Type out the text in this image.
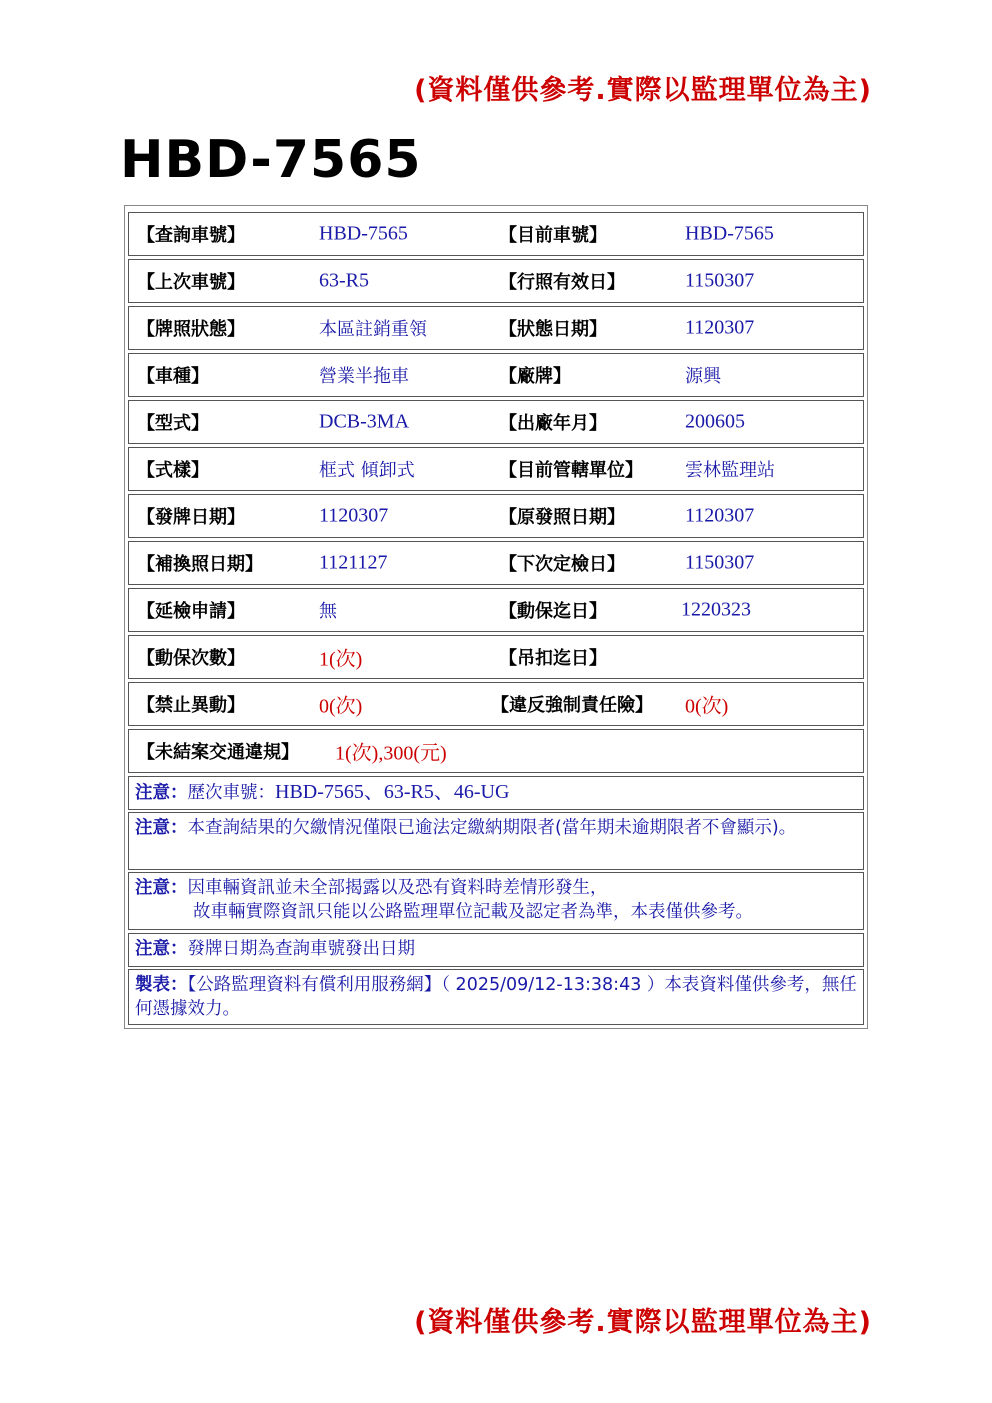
(資料僅供參考.實際以監理單位為主)
HBD-7565
【查詢車號】	HBD-7565	【目前車號】	HBD-7565
【上次車號】	63-R5	【行照有效日】	1150307
【牌照狀態】	本區註銷重領	【狀態日期】	1120307
【車種】	營業半拖車	【廠牌】	源興
【型式】	DCB-3MA	【出廠年月】	200605
【式樣】	框式 傾卸式	【目前管轄單位】 雲林監理站
【發牌日期】	1120307	【原發照日期】	1120307
【補換照日期】	1121127	【下次定檢日】	1150307
【延檢申請】	無	【動保迄日】	1220323
【動保次數】	1(次)	【吊扣迄日】
【禁止異動】	0(次)	【違反強制責任險】 0(次)
【未結案交通違規】 1(次),300(元)
注意：歷次車號：HBD-7565、63-R5、46-UG
注意：本查詢結果的欠繳情況僅限已逾法定繳納期限者(當年期未逾期限者不會顯示)。
注意：因車輛資訊並未全部揭露以及恐有資料時差情形發生，
故車輛實際資訊只能以公路監理單位記載及認定者為準，本表僅供參考。
注意：發牌日期為查詢車號發出日期
製表：【公路監理資料有償利用服務網】（ 2025/09/12-13:38:43 ）本表資料僅供參考，無任何憑據效力。
(資料僅供參考.實際以監理單位為主)
